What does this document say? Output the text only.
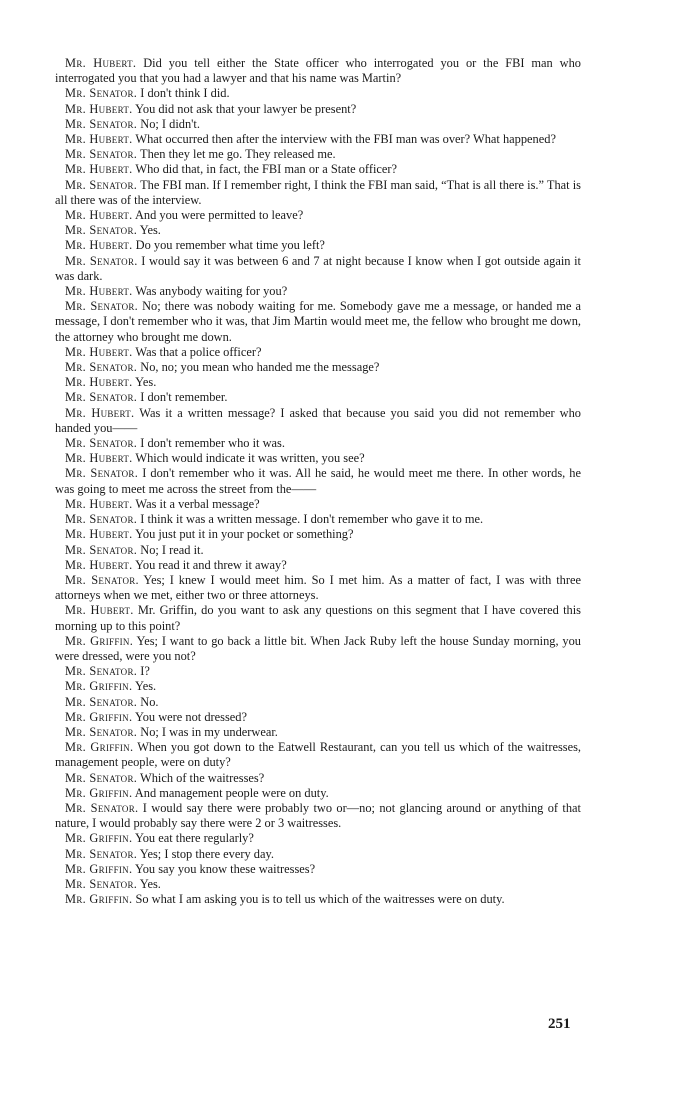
Mr. Hubert. Did you tell either the State officer who interrogated you or the FBI man who interrogated you that you had a lawyer and that his name was Martin?

Mr. Senator. I don't think I did.

Mr. Hubert. You did not ask that your lawyer be present?

Mr. Senator. No; I didn't.

Mr. Hubert. What occurred then after the interview with the FBI man was over? What happened?

Mr. Senator. Then they let me go. They released me.

Mr. Hubert. Who did that, in fact, the FBI man or a State officer?

Mr. Senator. The FBI man. If I remember right, I think the FBI man said, “That is all there is.” That is all there was of the interview.

Mr. Hubert. And you were permitted to leave?

Mr. Senator. Yes.

Mr. Hubert. Do you remember what time you left?

Mr. Senator. I would say it was between 6 and 7 at night because I know when I got outside again it was dark.

Mr. Hubert. Was anybody waiting for you?

Mr. Senator. No; there was nobody waiting for me. Somebody gave me a message, or handed me a message, I don't remember who it was, that Jim Martin would meet me, the fellow who brought me down, the attorney who brought me down.

Mr. Hubert. Was that a police officer?

Mr. Senator. No, no; you mean who handed me the message?

Mr. Hubert. Yes.

Mr. Senator. I don't remember.

Mr. Hubert. Was it a written message? I asked that because you said you did not remember who handed you——

Mr. Senator. I don't remember who it was.

Mr. Hubert. Which would indicate it was written, you see?

Mr. Senator. I don't remember who it was. All he said, he would meet me there. In other words, he was going to meet me across the street from the——

Mr. Hubert. Was it a verbal message?

Mr. Senator. I think it was a written message. I don't remember who gave it to me.

Mr. Hubert. You just put it in your pocket or something?

Mr. Senator. No; I read it.

Mr. Hubert. You read it and threw it away?

Mr. Senator. Yes; I knew I would meet him. So I met him. As a matter of fact, I was with three attorneys when we met, either two or three attorneys.

Mr. Hubert. Mr. Griffin, do you want to ask any questions on this segment that I have covered this morning up to this point?

Mr. Griffin. Yes; I want to go back a little bit. When Jack Ruby left the house Sunday morning, you were dressed, were you not?

Mr. Senator. I?

Mr. Griffin. Yes.

Mr. Senator. No.

Mr. Griffin. You were not dressed?

Mr. Senator. No; I was in my underwear.

Mr. Griffin. When you got down to the Eatwell Restaurant, can you tell us which of the waitresses, management people, were on duty?

Mr. Senator. Which of the waitresses?

Mr. Griffin. And management people were on duty.

Mr. Senator. I would say there were probably two or—no; not glancing around or anything of that nature, I would probably say there were 2 or 3 waitresses.

Mr. Griffin. You eat there regularly?

Mr. Senator. Yes; I stop there every day.

Mr. Griffin. You say you know these waitresses?

Mr. Senator. Yes.

Mr. Griffin. So what I am asking you is to tell us which of the waitresses were on duty.

251
